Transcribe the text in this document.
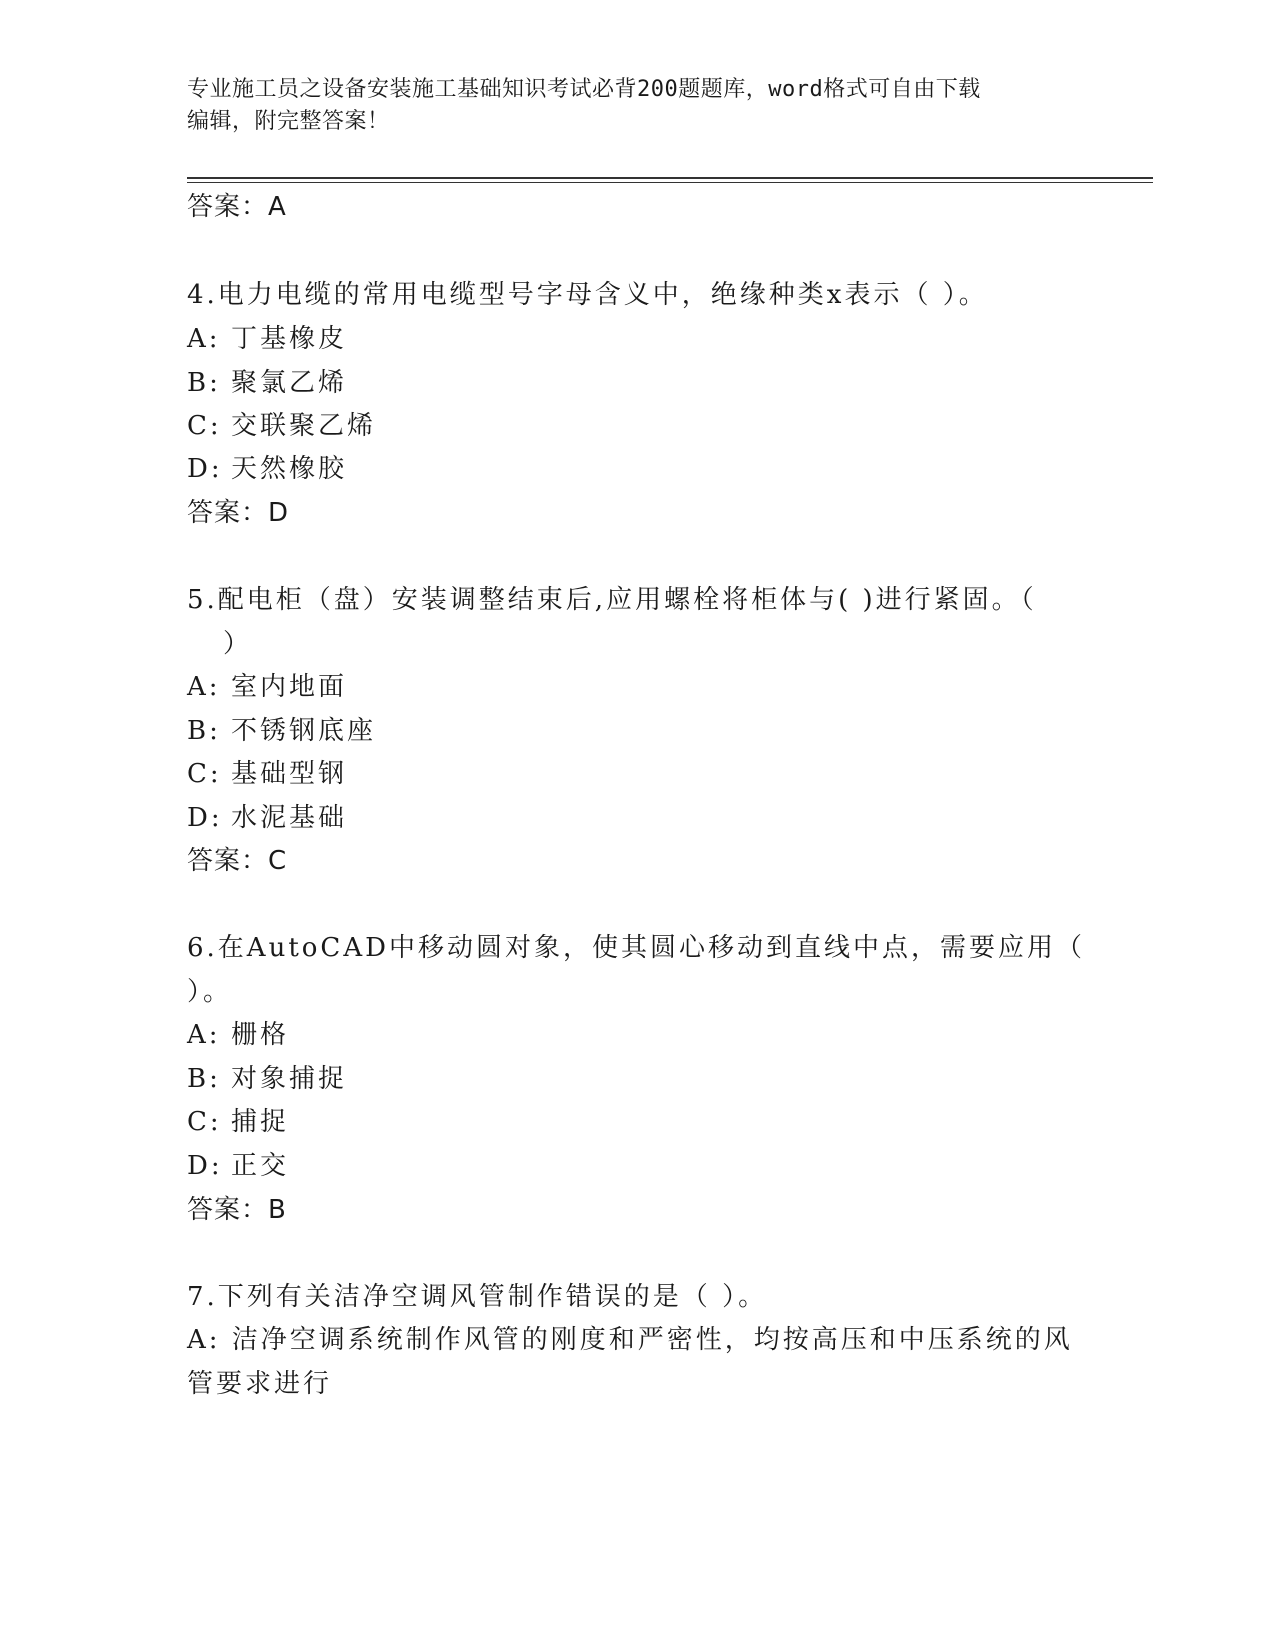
专业施工员之设备安装施工基础知识考试必背200题题库，word格式可自由下载
编辑，附完整答案！
答案：A
4.电力电缆的常用电缆型号字母含义中，绝缘种类x表示（ ）。
A: 丁基橡皮
B: 聚氯乙烯
C: 交联聚乙烯
D: 天然橡胶
答案：D
5.配电柜（盘）安装调整结束后,应用螺栓将柜体与( )进行紧固。（
）
A: 室内地面
B: 不锈钢底座
C: 基础型钢
D: 水泥基础
答案：C
6.在AutoCAD中移动圆对象，使其圆心移动到直线中点，需要应用（
）。
A: 栅格
B: 对象捕捉
C: 捕捉
D: 正交
答案：B
7.下列有关洁净空调风管制作错误的是（ ）。
A: 洁净空调系统制作风管的刚度和严密性，均按高压和中压系统的风
管要求进行
